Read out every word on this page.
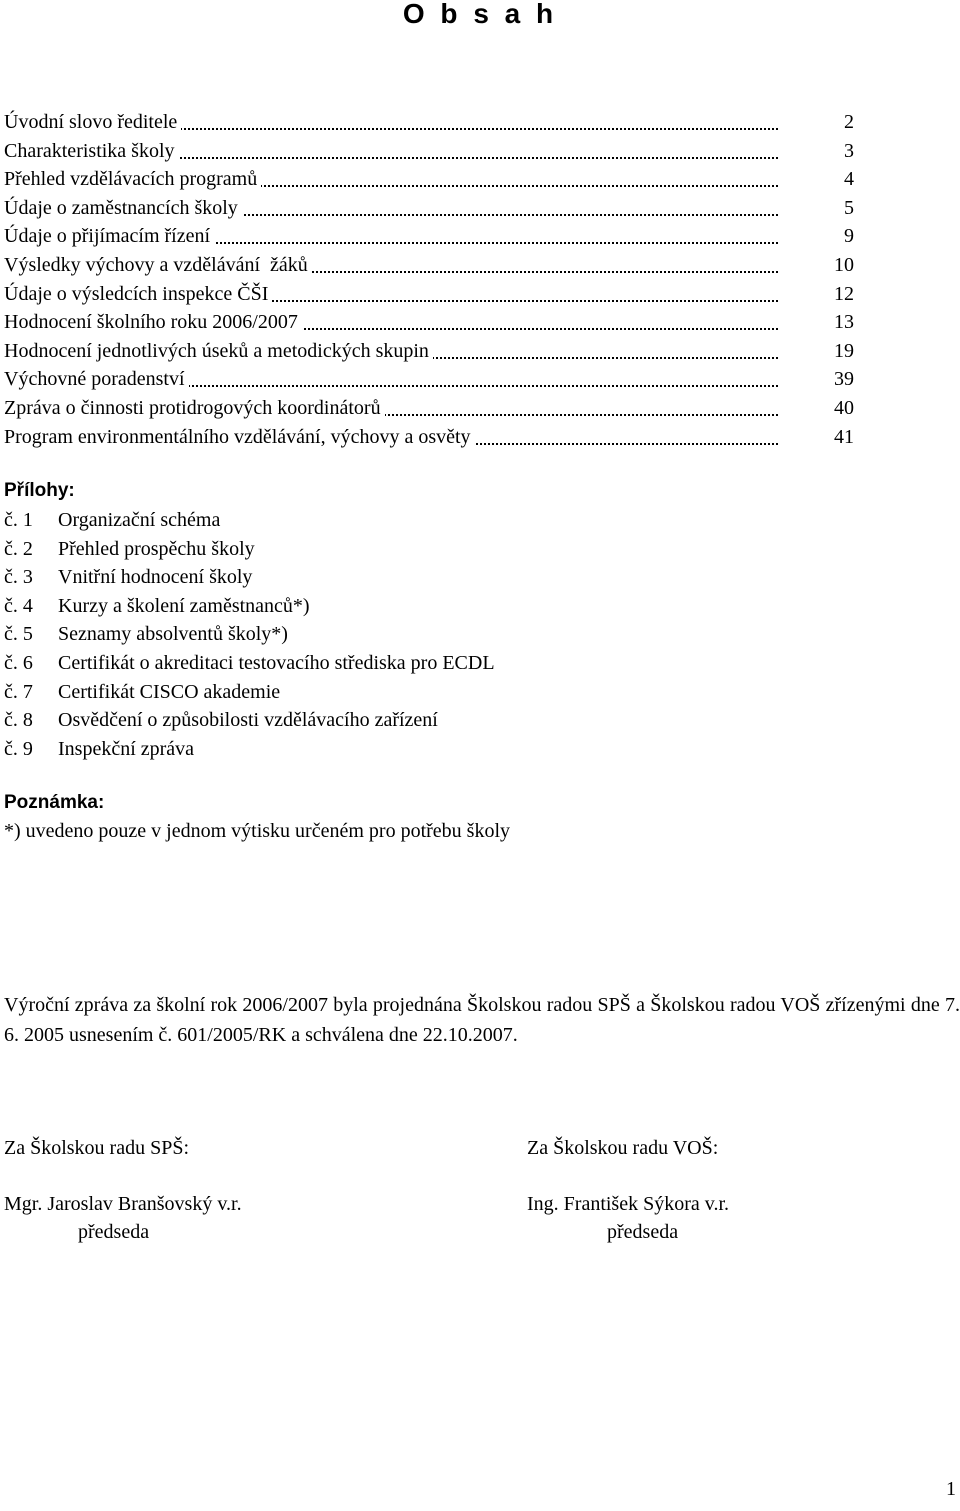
O b s a h
Úvodní slovo ředitele	2
Charakteristika školy	3
Přehled vzdělávacích programů	4
Údaje o zaměstnancích školy	5
Údaje o přijímacím řízení	9
Výsledky výchovy a vzdělávání  žáků	10
Údaje o výsledcích inspekce ČŠI	12
Hodnocení školního roku 2006/2007	13
Hodnocení jednotlivých úseků a metodických skupin	19
Výchovné poradenství	39
Zpráva o činnosti protidrogových koordinátorů	40
Program environmentálního vzdělávání, výchovy a osvěty	41
Přílohy:
č. 1 Organizační schéma
č. 2 Přehled prospěchu školy
č. 3 Vnitřní hodnocení školy
č. 4 Kurzy a školení zaměstnanců*)
č. 5 Seznamy absolventů školy*)
č. 6 Certifikát o akreditaci testovacího střediska pro ECDL
č. 7 Certifikát CISCO akademie
č. 8 Osvědčení o způsobilosti vzdělávacího zařízení
č. 9 Inspekční zpráva
Poznámka:
*) uvedeno pouze v jednom výtisku určeném pro potřebu školy
Výroční zpráva za školní rok 2006/2007 byla projednána Školskou radou SPŠ a Školskou radou VOŠ zřízenými dne 7. 6. 2005 usnesením č. 601/2005/RK a schválena dne 22.10.2007.
Za Školskou radu SPŠ:
Mgr. Jaroslav Branšovský v.r.
předseda
Za Školskou radu VOŠ:
Ing. František Sýkora v.r.
předseda
1
